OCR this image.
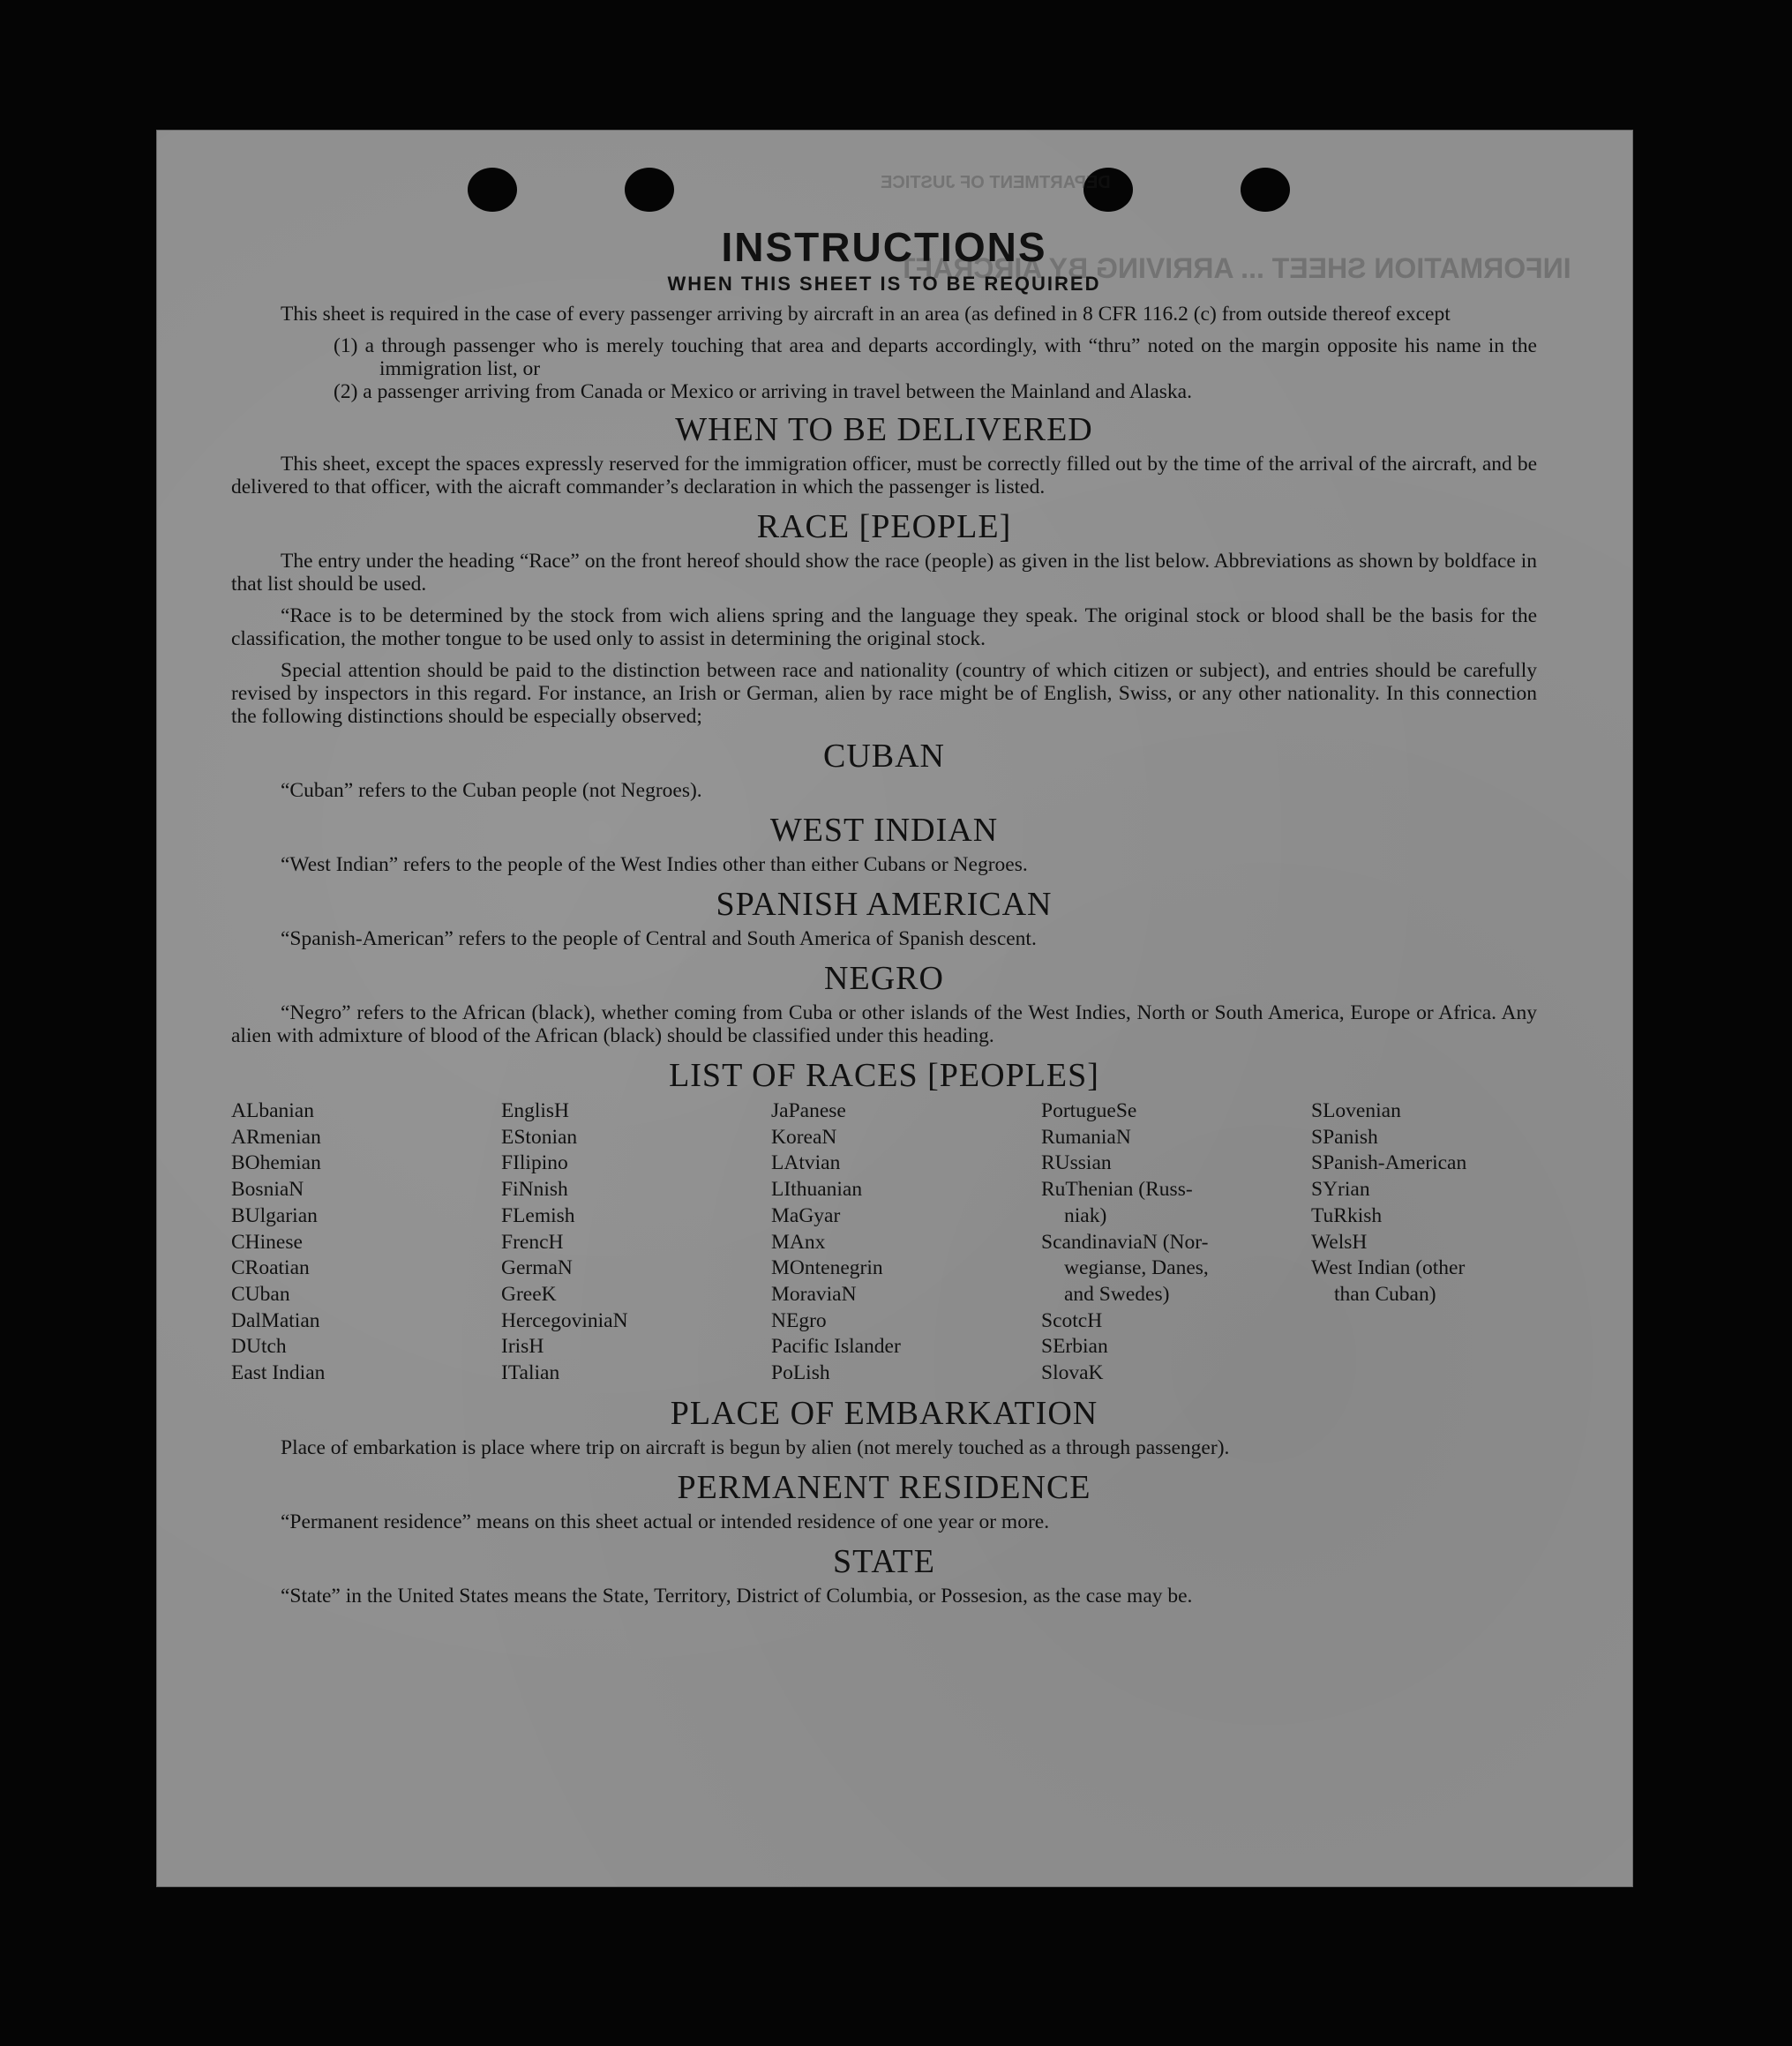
DEPARTMENT OF JUSTICE
INFORMATION SHEET ... ARRIVING BY AIRCRAFT
INSTRUCTIONS
WHEN THIS SHEET IS TO BE REQUIRED

This sheet is required in the case of every passenger arriving by aircraft in an area (as defined in 8 CFR 116.2 (c) from outside thereof except

(1) a through passenger who is merely touching that area and departs accordingly, with “thru” noted on the margin opposite his name in the immigration list, or
(2) a passenger arriving from Canada or Mexico or arriving in travel between the Mainland and Alaska.
WHEN TO BE DELIVERED

This sheet, except the spaces expressly reserved for the immigration officer, must be correctly filled out by the time of the arrival of the aircraft, and be delivered to that officer, with the aicraft commander’s declaration in which the passenger is listed.

RACE [PEOPLE]

The entry under the heading “Race” on the front hereof should show the race (people) as given in the list below. Abbreviations as shown by boldface in that list should be used.

“Race is to be determined by the stock from wich aliens spring and the language they speak. The original stock or blood shall be the basis for the classification, the mother tongue to be used only to assist in determining the original stock.

Special attention should be paid to the distinction between race and nationality (country of which citizen or subject), and entries should be carefully revised by inspectors in this regard. For instance, an Irish or German, alien by race might be of English, Swiss, or any other nationality. In this connection the following distinctions should be especially observed;

CUBAN

“Cuban” refers to the Cuban people (not Negroes).

WEST INDIAN

“West Indian” refers to the people of the West Indies other than either Cubans or Negroes.

SPANISH AMERICAN

“Spanish-American” refers to the people of Central and South America of Spanish descent.

NEGRO

“Negro” refers to the African (black), whether coming from Cuba or other islands of the West Indies, North or South America, Europe or Africa. Any alien with admixture of blood of the African (black) should be classified under this heading.

LIST OF RACES [PEOPLES]
ALbanian
ARmenian
BOhemian
BosniaN
BUlgarian
CHinese
CRoatian
CUban
DalMatian
DUtch
East Indian
EnglisH
EStonian
FIlipino
FiNnish
FLemish
FrencH
GermaN
GreeK
HercegoviniaN
IrisH
ITalian
JaPanese
KoreaN
LAtvian
LIthuanian
MaGyar
MAnx
MOntenegrin
MoraviaN
NEgro
Pacific Islander
PoLish
PortugueSe
RumaniaN
RUssian
RuThenian (Russ-
niak)
ScandinaviaN (Nor-
wegianse, Danes,
and Swedes)
ScotcH
SErbian
SlovaK
SLovenian
SPanish
SPanish-American
SYrian
TuRkish
WelsH
West Indian (other
than Cuban)
PLACE OF EMBARKATION

Place of embarkation is place where trip on aircraft is begun by alien (not merely touched as a through passenger).

PERMANENT RESIDENCE

“Permanent residence” means on this sheet actual or intended residence of one year or more.

STATE

“State” in the United States means the State, Territory, District of Columbia, or Possesion, as the case may be.
